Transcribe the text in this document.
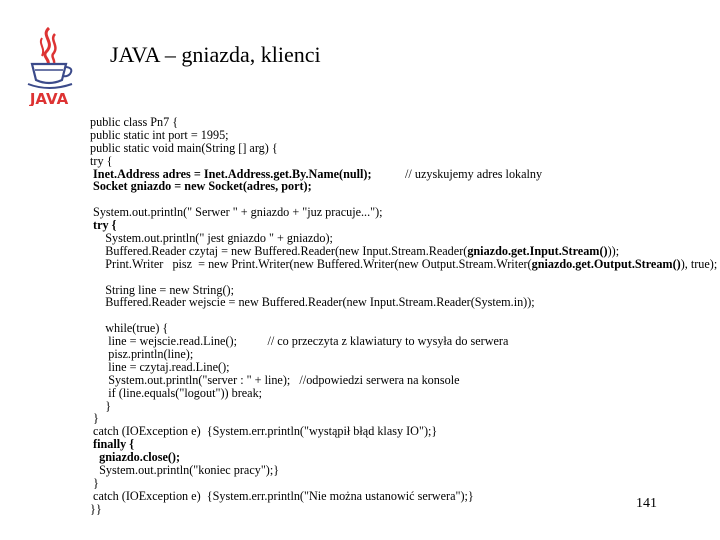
JAVA
JAVA – gniazda, klienci
public class Pn7 {
public static int port = 1995;
public static void main(String [] arg) {
try {
Inet.Address adres = Inet.Address.get.By.Name(null);           // uzyskujemy adres lokalny
Socket gniazdo = new Socket(adres, port);
System.out.println(" Serwer " + gniazdo + "juz pracuje...");
try {
System.out.println(" jest gniazdo " + gniazdo);
Buffered.Reader czytaj = new Buffered.Reader(new Input.Stream.Reader(gniazdo.get.Input.Stream()));
Print.Writer   pisz  = new Print.Writer(new Buffered.Writer(new Output.Stream.Writer(gniazdo.get.Output.Stream()), true);
String line = new String();
Buffered.Reader wejscie = new Buffered.Reader(new Input.Stream.Reader(System.in));
while(true) {
line = wejscie.read.Line();          // co przeczyta z klawiatury to wysyła do serwera
pisz.println(line);
line = czytaj.read.Line();
System.out.println("server : " + line);   //odpowiedzi serwera na konsole
if (line.equals("logout")) break;
}
}
catch (IOException e)  {System.err.println("wystąpił błąd klasy IO");}
finally {
gniazdo.close();
System.out.println("koniec pracy");}
}
catch (IOException e)  {System.err.println("Nie można ustanowić serwera");}
}}	141
